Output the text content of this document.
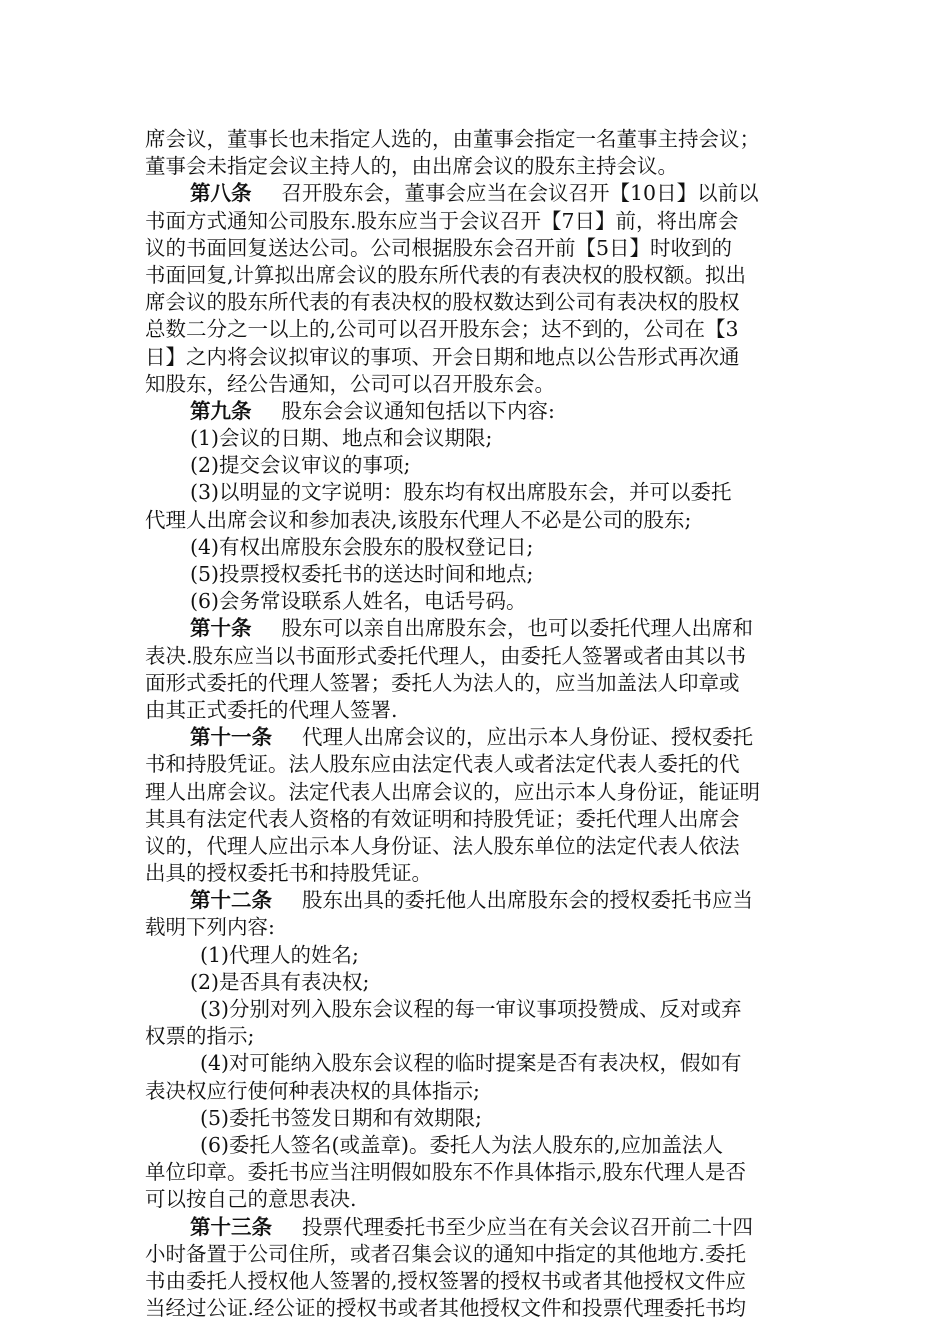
席会议，董事长也未指定人选的，由董事会指定一名董事主持会议；
董事会未指定会议主持人的，由出席会议的股东主持会议。
第八条 召开股东会，董事会应当在会议召开【10日】以前以
书面方式通知公司股东.股东应当于会议召开【7日】前，将出席会
议的书面回复送达公司。公司根据股东会召开前【5日】时收到的
书面回复,计算拟出席会议的股东所代表的有表决权的股权额。拟出
席会议的股东所代表的有表决权的股权数达到公司有表决权的股权
总数二分之一以上的,公司可以召开股东会；达不到的，公司在【3
日】之内将会议拟审议的事项、开会日期和地点以公告形式再次通
知股东，经公告通知，公司可以召开股东会。
第九条 股东会会议通知包括以下内容:
(1)会议的日期、地点和会议期限;
(2)提交会议审议的事项;
(3)以明显的文字说明：股东均有权出席股东会，并可以委托
代理人出席会议和参加表决,该股东代理人不必是公司的股东;
(4)有权出席股东会股东的股权登记日;
(5)投票授权委托书的送达时间和地点;
(6)会务常设联系人姓名，电话号码。
第十条 股东可以亲自出席股东会，也可以委托代理人出席和
表决.股东应当以书面形式委托代理人，由委托人签署或者由其以书
面形式委托的代理人签署；委托人为法人的，应当加盖法人印章或
由其正式委托的代理人签署.
第十一条 代理人出席会议的，应出示本人身份证、授权委托
书和持股凭证。法人股东应由法定代表人或者法定代表人委托的代
理人出席会议。法定代表人出席会议的，应出示本人身份证，能证明
其具有法定代表人资格的有效证明和持股凭证；委托代理人出席会
议的，代理人应出示本人身份证、法人股东单位的法定代表人依法
出具的授权委托书和持股凭证。
第十二条 股东出具的委托他人出席股东会的授权委托书应当
载明下列内容:
(1)代理人的姓名;
(2)是否具有表决权;
(3)分别对列入股东会议程的每一审议事项投赞成、反对或弃
权票的指示;
(4)对可能纳入股东会议程的临时提案是否有表决权，假如有
表决权应行使何种表决权的具体指示;
(5)委托书签发日期和有效期限;
(6)委托人签名(或盖章)。委托人为法人股东的,应加盖法人
单位印章。委托书应当注明假如股东不作具体指示,股东代理人是否
可以按自己的意思表决.
第十三条 投票代理委托书至少应当在有关会议召开前二十四
小时备置于公司住所，或者召集会议的通知中指定的其他地方.委托
书由委托人授权他人签署的,授权签署的授权书或者其他授权文件应
当经过公证.经公证的授权书或者其他授权文件和投票代理委托书均
